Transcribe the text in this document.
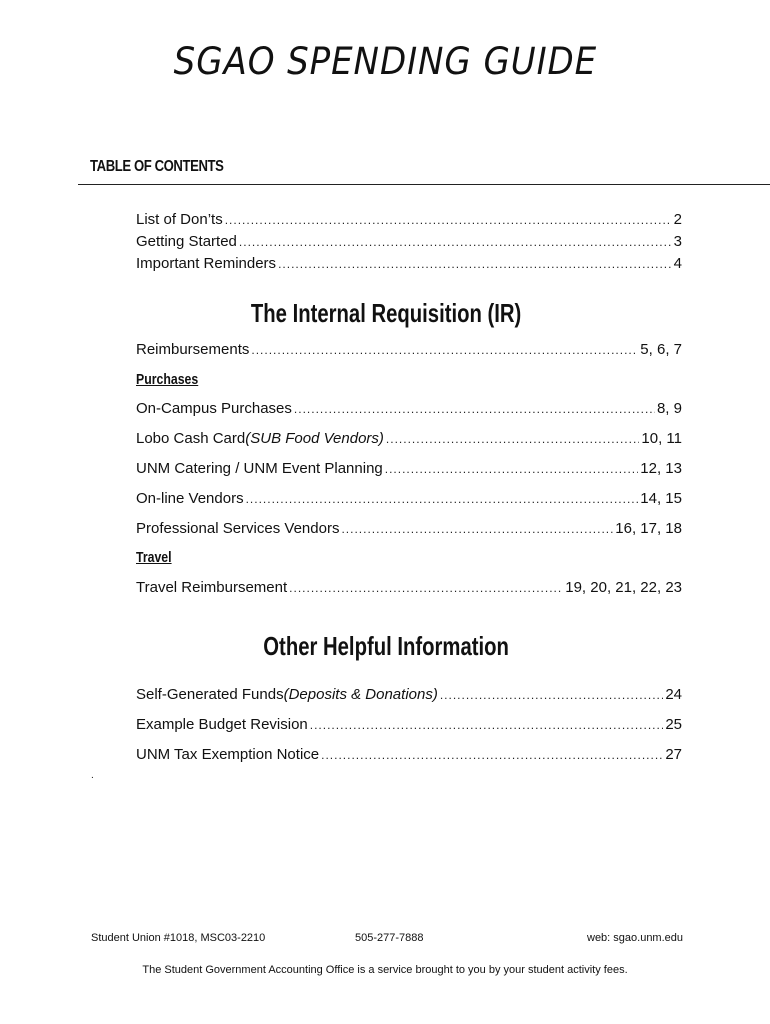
SGAO SPENDING GUIDE
TABLE OF CONTENTS
List of Don’ts .....	2
Getting Started .....	3
Important Reminders .....	4
The Internal Requisition (IR)
Reimbursements .....	5, 6, 7
Purchases
On-Campus Purchases .....	8, 9
Lobo Cash Card (SUB Food Vendors) .....	10, 11
UNM Catering / UNM Event Planning .....	12, 13
On-line Vendors .....	14, 15
Professional Services Vendors .....	16, 17, 18
Travel
Travel Reimbursement .....	19, 20, 21, 22, 23
Other Helpful Information
Self-Generated Funds (Deposits & Donations) .....	24
Example Budget Revision .....	25
UNM Tax Exemption Notice .....	27
.
Student Union #1018, MSC03-2210	505-277-7888	web: sgao.unm.edu
The Student Government Accounting Office is a service brought to you by your student activity fees.
